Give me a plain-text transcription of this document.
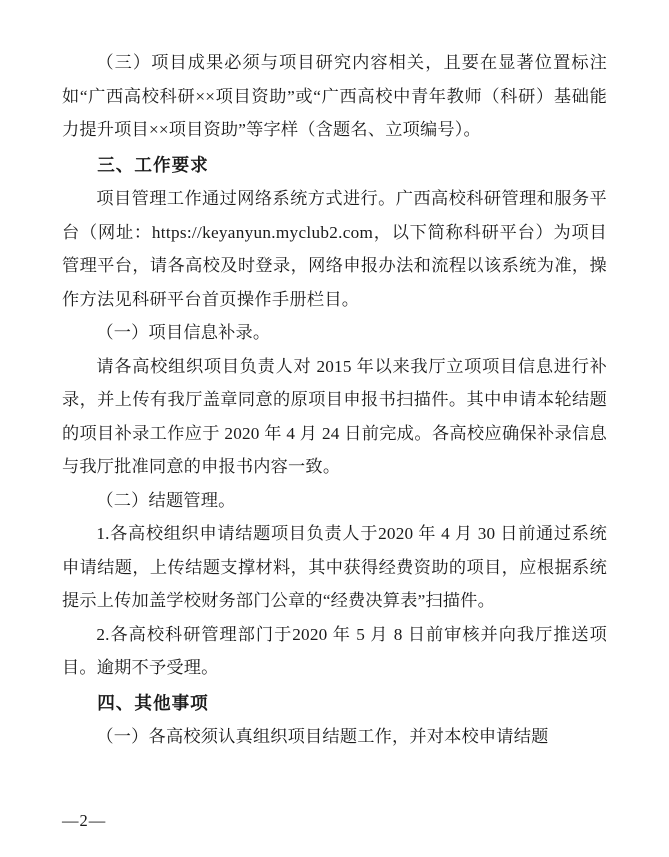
（三）项目成果必须与项目研究内容相关，且要在显著位置标注如“广西高校科研××项目资助”或“广西高校中青年教师（科研）基础能力提升项目××项目资助”等字样（含题名、立项编号）。

三、工作要求

项目管理工作通过网络系统方式进行。广西高校科研管理和服务平台（网址：https://keyanyun.myclub2.com，以下简称科研平台）为项目管理平台，请各高校及时登录，网络申报办法和流程以该系统为准，操作方法见科研平台首页操作手册栏目。

（一）项目信息补录。

请各高校组织项目负责人对 2015 年以来我厅立项项目信息进行补录，并上传有我厅盖章同意的原项目申报书扫描件。其中申请本轮结题的项目补录工作应于 2020 年 4 月 24 日前完成。各高校应确保补录信息与我厅批准同意的申报书内容一致。

（二）结题管理。

1.各高校组织申请结题项目负责人于2020 年 4 月 30 日前通过系统申请结题，上传结题支撑材料，其中获得经费资助的项目，应根据系统提示上传加盖学校财务部门公章的“经费决算表”扫描件。

2.各高校科研管理部门于2020 年 5 月 8 日前审核并向我厅推送项目。逾期不予受理。

四、其他事项

（一）各高校须认真组织项目结题工作，并对本校申请结题

—2—
